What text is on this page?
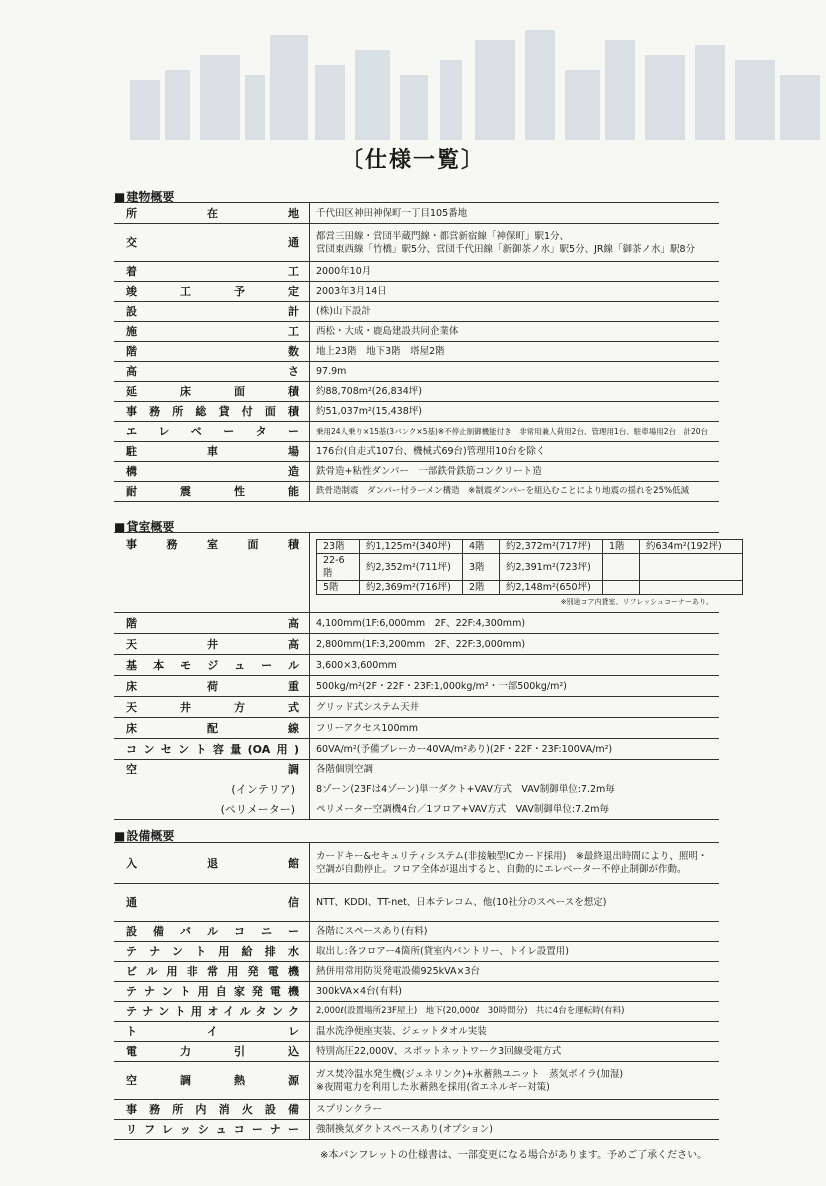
〔仕様一覧〕
■ 建物概要
所在地	千代田区神田神保町一丁目105番地
交通	都営三田線・営団半蔵門線・都営新宿線「神保町」駅1分、
営団東西線「竹橋」駅5分、営団千代田線「新御茶ノ水」駅5分、JR線「御茶ノ水」駅8分

着工	2000年10月
竣工予定	2003年3月14日
設計	(株)山下設計
施工	西松・大成・鹿島建設共同企業体
階数	地上23階　地下3階　塔屋2階
高さ	97.9m
延床面積	約88,708m²(26,834坪)
事務所総貸付面積	約51,037m²(15,438坪)
エレベーター	乗用24人乗り×15基(3バンク×5基)※不停止制御機能付き　非常用兼人荷用2台、管理用1台、駐車場用2台　計20台
駐車場	176台(自走式107台、機械式69台)管理用10台を除く
構造	鉄骨造+粘性ダンパー　一部鉄骨鉄筋コンクリート造
耐震性能	鉄骨造制震　ダンパー付ラーメン構造　※制震ダンパーを組込むことにより地震の揺れを25%低減
■ 貸室概要
事務室面積		23階	約1,125m²(340坪)	4階	約2,372m²(717坪)	1階	約634m²(192坪)
22-6階	約2,352m²(711坪)	3階	約2,391m²(723坪)		
5階	約2,369m²(716坪)	2階	約2,148m²(650坪)		
※別途コア内貸室、リフレッシュコーナーあり。

階高	4,100mm(1F:6,000mm　2F、22F:4,300mm)
天井高	2,800mm(1F:3,200mm　2F、22F:3,000mm)
基本モジュール	3,600×3,600mm
床荷重	500kg/m²(2F・22F・23F:1,000kg/m²・一部500kg/m²)
天井方式	グリッド式システム天井
床配線	フリーアクセス100mm
コンセント容量(OA用)	60VA/m²(予備ブレーカー40VA/m²あり)(2F・22F・23F:100VA/m²)
空調	各階個別空調
(インテリア)	8ゾーン(23Fは4ゾーン)単一ダクト+VAV方式　VAV制御単位:7.2m毎
(ペリメーター)	ペリメーター空調機4台／1フロア+VAV方式　VAV制御単位:7.2m毎
■ 設備概要
入退館	カードキー&セキュリティシステム(非接触型ICカード採用)　※最終退出時間により、照明・
空調が自動停止。フロア全体が退出すると、自動的にエレベーター不停止制御が作動。

通信	NTT、KDDI、TT-net、日本テレコム、他(10社分のスペースを想定)
設備バルコニー	各階にスペースあり(有料)
テナント用給排水	取出し:各フロアー4箇所(貸室内パントリー、トイレ設置用)
ビル用非常用発電機	熱併用常用防災発電設備925kVA×3台
テナント用自家発電機	300kVA×4台(有料)
テナント用オイルタンク	2,000ℓ(設置場所23F屋上)　地下(20,000ℓ　30時間分)　共に4台を運転時(有料)
トイレ	温水洗浄便座実装、ジェットタオル実装
電力引込	特別高圧22,000V、スポットネットワーク3回線受電方式
空調熱源	ガス焚冷温水発生機(ジェネリンク)+氷蓄熱ユニット　蒸気ボイラ(加湿)
※夜間電力を利用した氷蓄熱を採用(省エネルギー対策)

事務所内消火設備	スプリンクラー
リフレッシュコーナー	強制換気ダクトスペースあり(オプション)
※本パンフレットの仕様書は、一部変更になる場合があります。予めご了承ください。
